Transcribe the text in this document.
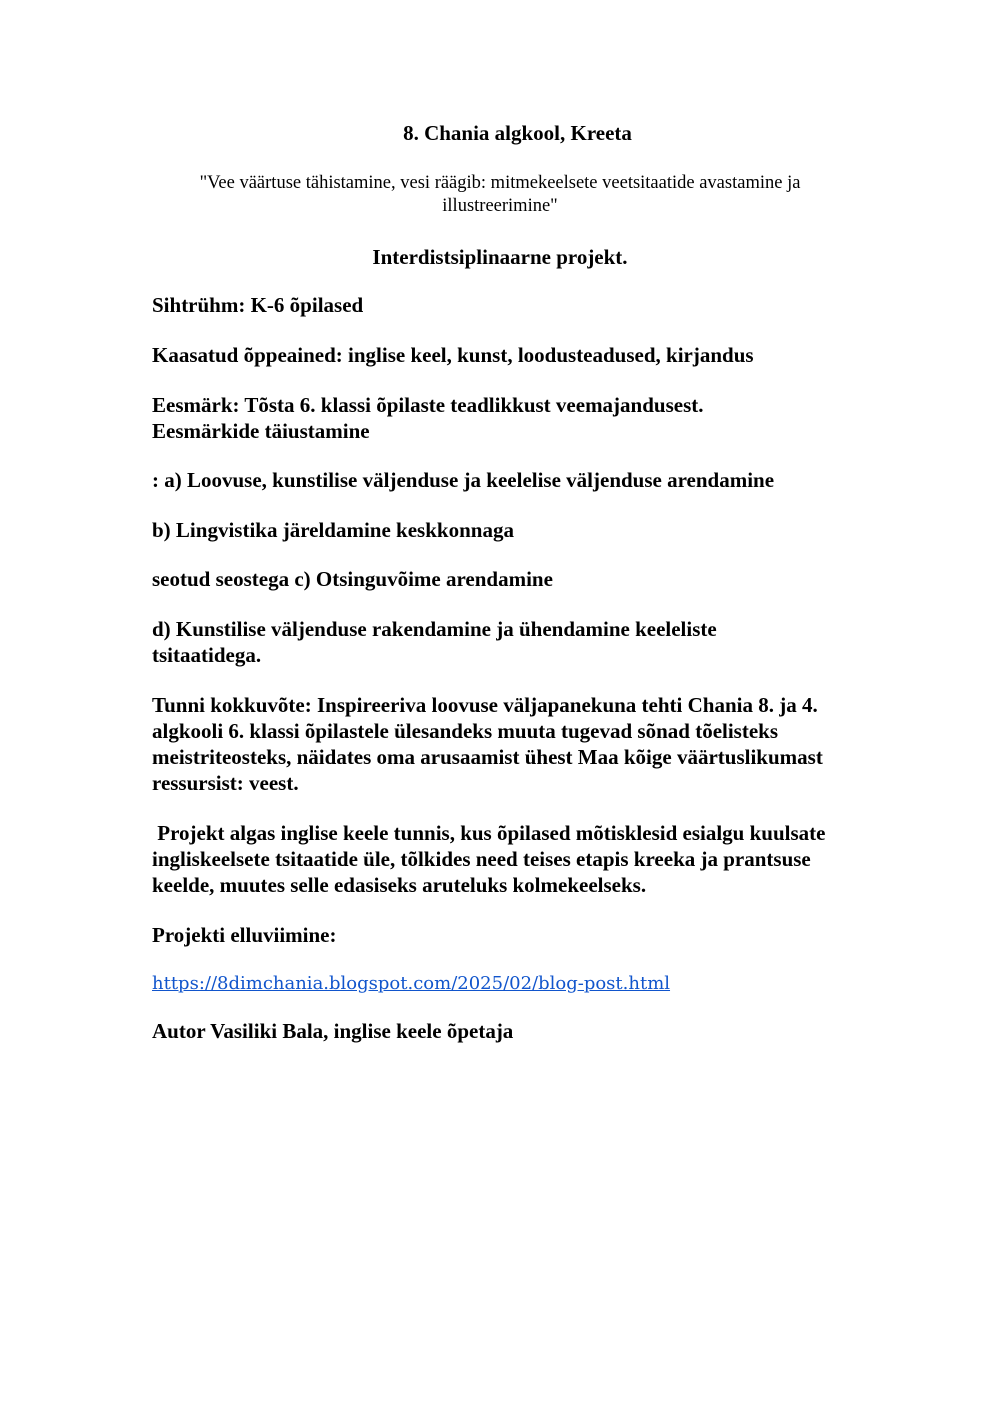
8. Chania algkool, Kreeta

"Vee väärtuse tähistamine, vesi räägib: mitmekeelsete veetsitaatide avastamine ja illustreerimine"

Interdistsiplinaarne projekt.

Sihtrühm: K-6 õpilased

Kaasatud õppeained: inglise keel, kunst, loodusteadused, kirjandus

Eesmärk: Tõsta 6. klassi õpilaste teadlikkust veemajandusest. Eesmärkide täiustamine

: a) Loovuse, kunstilise väljenduse ja keelelise väljenduse arendamine

b) Lingvistika järeldamine keskkonnaga

seotud seostega c) Otsinguvõime arendamine

d) Kunstilise väljenduse rakendamine ja ühendamine keeleliste tsitaatidega.

Tunni kokkuvõte: Inspireeriva loovuse väljapanekuna tehti Chania 8. ja 4. algkooli 6. klassi õpilastele ülesandeks muuta tugevad sõnad tõelisteks meistriteosteks, näidates oma arusaamist ühest Maa kõige väärtuslikumast ressursist: veest.

Projekt algas inglise keele tunnis, kus õpilased mõtisklesid esialgu kuulsate ingliskeelsete tsitaatide üle, tõlkides need teises etapis kreeka ja prantsuse keelde, muutes selle edasiseks aruteluks kolmekeelseks.

Projekti elluviimine:

https://8dimchania.blogspot.com/2025/02/blog-post.html

Autor Vasiliki Bala, inglise keele õpetaja
